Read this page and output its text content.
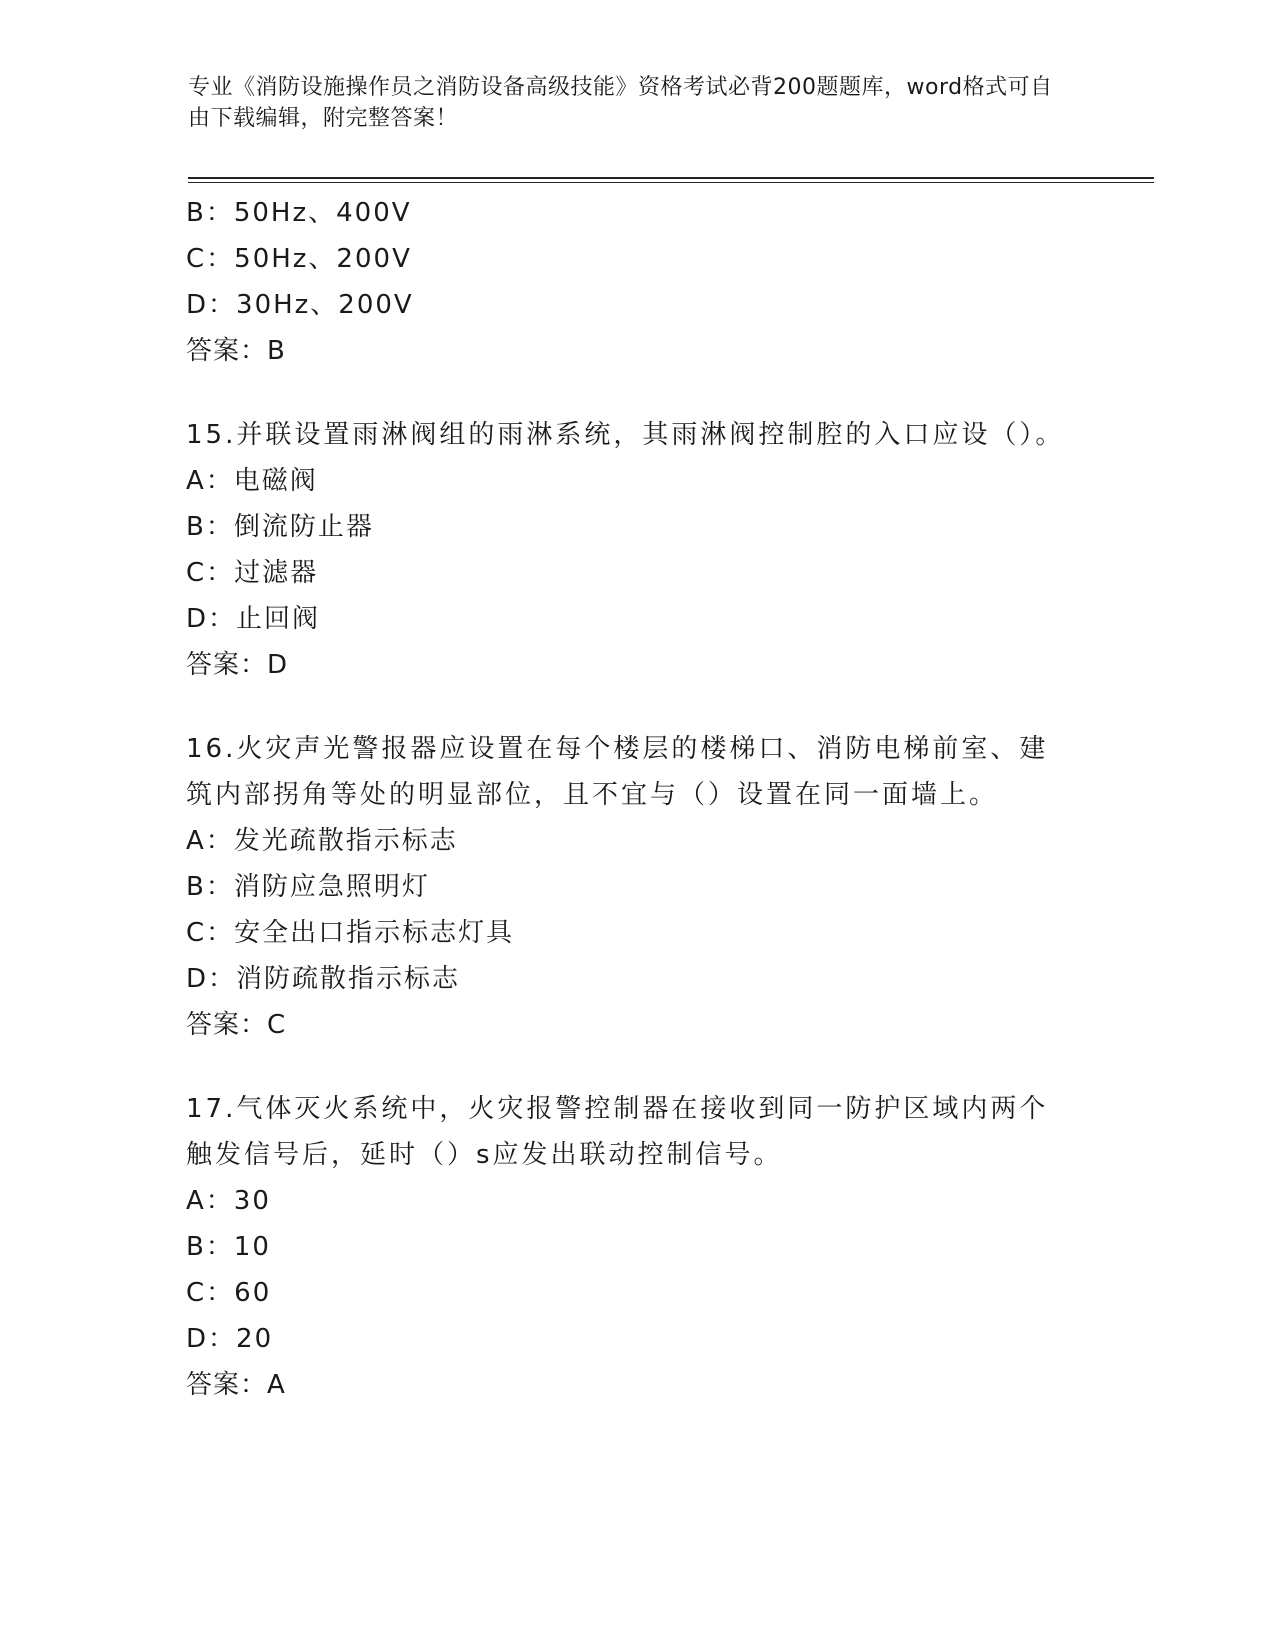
专业《消防设施操作员之消防设备高级技能》资格考试必背200题题库，word格式可自由下载编辑，附完整答案！
B：50Hz、400V
C：50Hz、200V
D：30Hz、200V
答案：B
15.并联设置雨淋阀组的雨淋系统，其雨淋阀控制腔的入口应设（）。
A：电磁阀
B：倒流防止器
C：过滤器
D：止回阀
答案：D
16.火灾声光警报器应设置在每个楼层的楼梯口、消防电梯前室、建筑内部拐角等处的明显部位，且不宜与（）设置在同一面墙上。
A：发光疏散指示标志
B：消防应急照明灯
C：安全出口指示标志灯具
D：消防疏散指示标志
答案：C
17.气体灭火系统中，火灾报警控制器在接收到同一防护区域内两个触发信号后，延时（）s应发出联动控制信号。
A：30
B：10
C：60
D：20
答案：A
